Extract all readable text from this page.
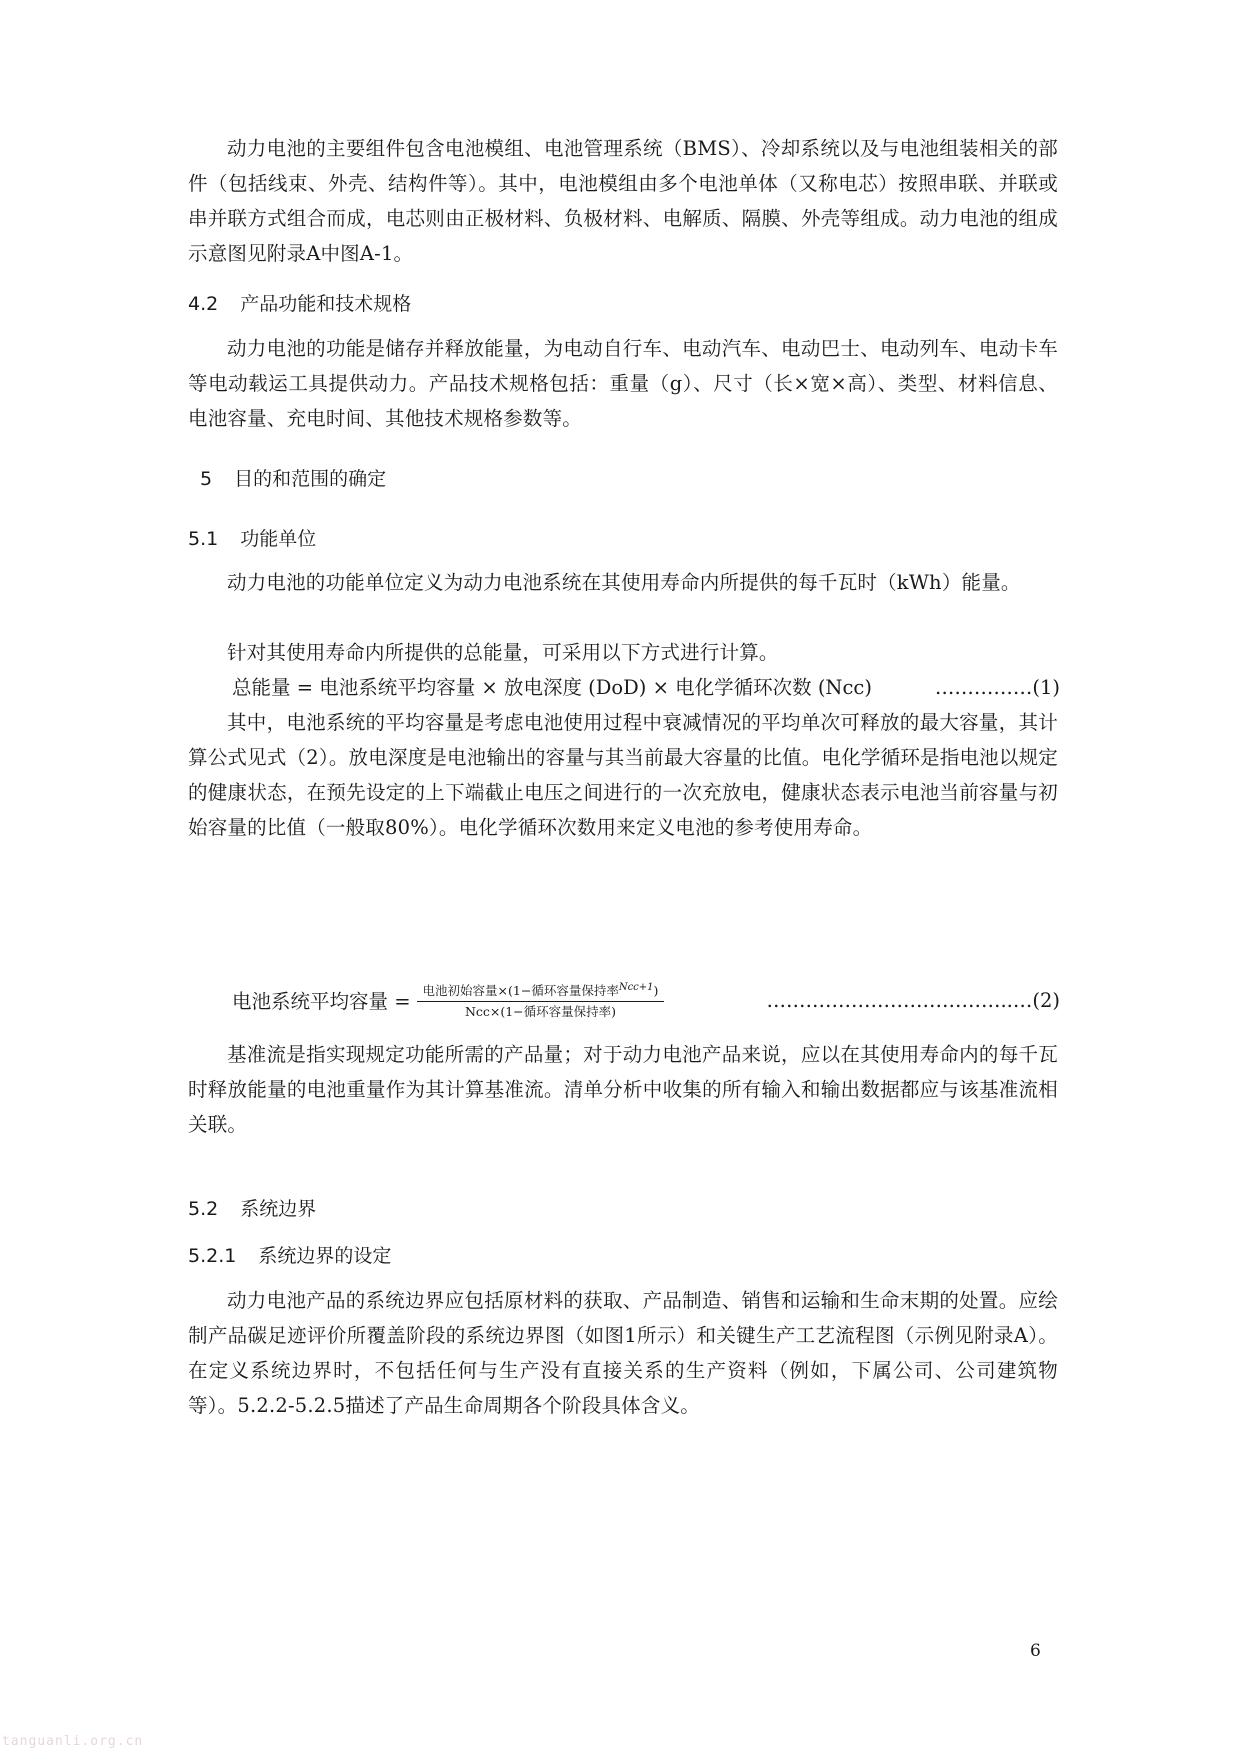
动力电池的主要组件包含电池模组、电池管理系统（BMS）、冷却系统以及与电池组装相关的部件（包括线束、外壳、结构件等）。其中，电池模组由多个电池单体（又称电芯）按照串联、并联或串并联方式组合而成，电芯则由正极材料、负极材料、电解质、隔膜、外壳等组成。动力电池的组成示意图见附录A中图A-1。
4.2 产品功能和技术规格
动力电池的功能是储存并释放能量，为电动自行车、电动汽车、电动巴士、电动列车、电动卡车等电动载运工具提供动力。产品技术规格包括：重量（g）、尺寸（长×宽×高）、类型、材料信息、电池容量、充电时间、其他技术规格参数等。
5 目的和范围的确定
5.1 功能单位
动力电池的功能单位定义为动力电池系统在其使用寿命内所提供的每千瓦时（kWh）能量。
针对其使用寿命内所提供的总能量，可采用以下方式进行计算。
总能量 = 电池系统平均容量 × 放电深度 (DoD) × 电化学循环次数 (Ncc)	……………(1)
其中，电池系统的平均容量是考虑电池使用过程中衰减情况的平均单次可释放的最大容量，其计算公式见式（2）。放电深度是电池输出的容量与其当前最大容量的比值。电化学循环是指电池以规定的健康状态，在预先设定的上下端截止电压之间进行的一次充放电，健康状态表示电池当前容量与初始容量的比值（一般取80%）。电化学循环次数用来定义电池的参考使用寿命。
电池系统平均容量 = $\frac{电池初始容量\times(1-循环容量保持率^{Ncc+1})}{\text{Ncc×(1−循环容量保持率)}}$	………………………………..…(2)
基准流是指实现规定功能所需的产品量；对于动力电池产品来说，应以在其使用寿命内的每千瓦时释放能量的电池重量作为其计算基准流。清单分析中收集的所有输入和输出数据都应与该基准流相关联。
5.2 系统边界
5.2.1 系统边界的设定
动力电池产品的系统边界应包括原材料的获取、产品制造、销售和运输和生命末期的处置。应绘制产品碳足迹评价所覆盖阶段的系统边界图（如图1所示）和关键生产工艺流程图（示例见附录A）。在定义系统边界时，不包括任何与生产没有直接关系的生产资料（例如，下属公司、公司建筑物等）。5.2.2-5.2.5描述了产品生命周期各个阶段具体含义。
6
tanguanli.org.cn
